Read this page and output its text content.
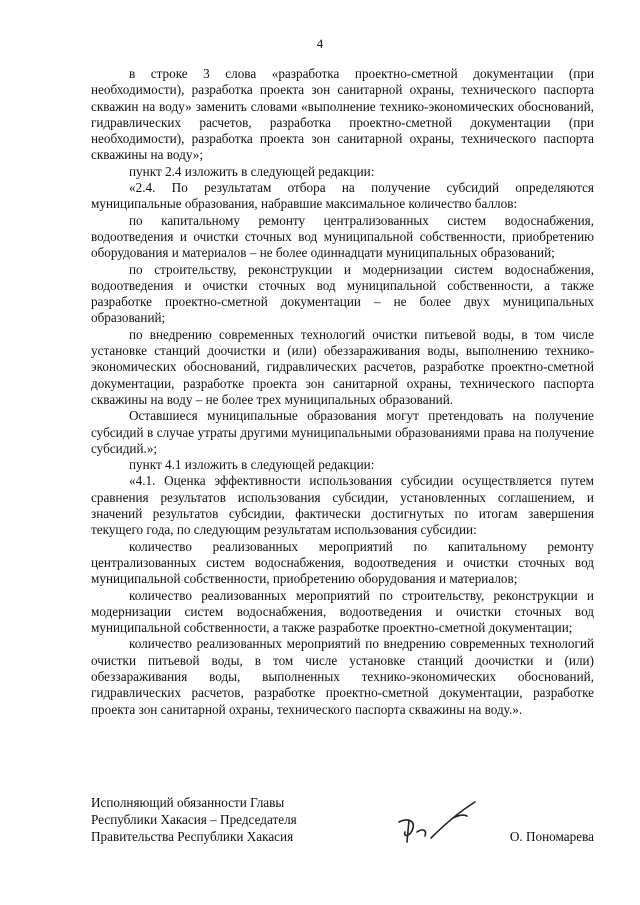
4

в строке 3 слова «разработка проектно-сметной документации (при необходимости), разработка проекта зон санитарной охраны, технического паспорта скважин на воду» заменить словами «выполнение технико-экономических обоснований, гидравлических расчетов, разработка проектно-сметной документации (при необходимости), разработка проекта зон санитарной охраны, технического паспорта скважины на воду»;

пункт 2.4 изложить в следующей редакции:

«2.4. По результатам отбора на получение субсидий определяются муниципальные образования, набравшие максимальное количество баллов:

по капитальному ремонту централизованных систем водоснабжения, водоотведения и очистки сточных вод муниципальной собственности, приобретению оборудования и материалов – не более одиннадцати муниципальных образований;

по строительству, реконструкции и модернизации систем водоснабжения, водоотведения и очистки сточных вод муниципальной собственности, а также разработке проектно-сметной документации – не более двух муниципальных образований;

по внедрению современных технологий очистки питьевой воды, в том числе установке станций доочистки и (или) обеззараживания воды, выполнению технико-экономических обоснований, гидравлических расчетов, разработке проектно-сметной документации, разработке проекта зон санитарной охраны, технического паспорта скважины на воду – не более трех муниципальных образований.

Оставшиеся муниципальные образования могут претендовать на получение субсидий в случае утраты другими муниципальными образованиями права на получение субсидий.»;

пункт 4.1 изложить в следующей редакции:

«4.1. Оценка эффективности использования субсидии осуществляется путем сравнения результатов использования субсидии, установленных соглашением, и значений результатов субсидии, фактически достигнутых по итогам завершения текущего года, по следующим результатам использования субсидии:

количество реализованных мероприятий по капитальному ремонту централизованных систем водоснабжения, водоотведения и очистки сточных вод муниципальной собственности, приобретению оборудования и материалов;

количество реализованных мероприятий по строительству, реконструкции и модернизации систем водоснабжения, водоотведения и очистки сточных вод муниципальной собственности, а также разработке проектно-сметной документации;

количество реализованных мероприятий по внедрению современных технологий очистки питьевой воды, в том числе установке станций доочистки и (или) обеззараживания воды, выполненных технико-экономических обоснований, гидравлических расчетов, разработке проектно-сметной документации, разработке проекта зон санитарной охраны, технического паспорта скважины на воду.».

Исполняющий обязанности Главы
Республики Хакасия – Председателя
Правительства Республики Хакасия	О. Пономарева
